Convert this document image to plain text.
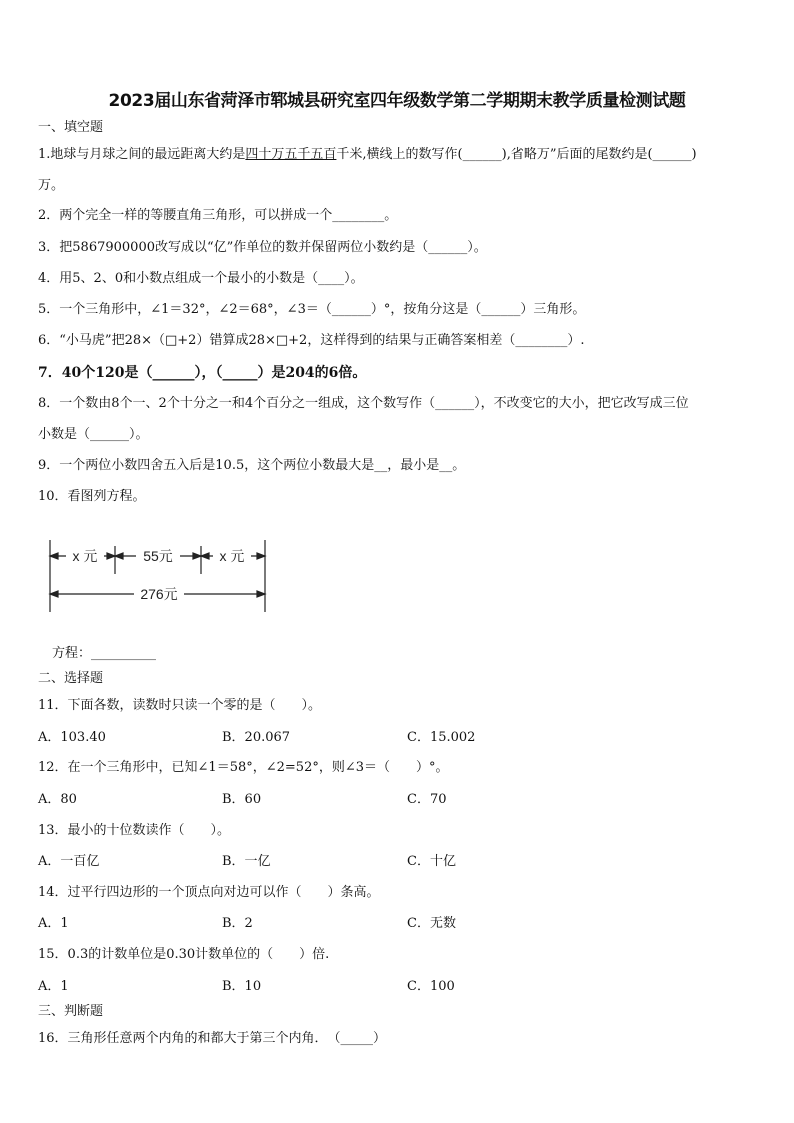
2023届山东省菏泽市郓城县研究室四年级数学第二学期期末教学质量检测试题
一、填空题
1.地球与月球之间的最远距离大约是四十万五千五百千米,横线上的数写作(______),省略万”后面的尾数约是(______)
万。
2．两个完全一样的等腰直角三角形，可以拼成一个________。
3．把5867900000改写成以“亿”作单位的数并保留两位小数约是（______）。
4．用5、2、0和小数点组成一个最小的小数是（____）。
5．一个三角形中，∠1＝32°，∠2＝68°，∠3＝（______）°，按角分这是（______）三角形。
6．“小马虎”把28×（□+2）错算成28×□+2，这样得到的结果与正确答案相差（________）.
7．40个120是（______），（_____）是204的6倍。
8．一个数由8个一、2个十分之一和4个百分之一组成，这个数写作（______），不改变它的大小，把它改写成三位
小数是（______）。
9．一个两位小数四舍五入后是10.5，这个两位小数最大是__，最小是__。
10．看图列方程。
x 元	55元	x 元
276元
方程：__________
二、选择题
11．下面各数，读数时只读一个零的是（　　）。
A．103.40	B．20.067	C．15.002
12．在一个三角形中，已知∠1＝58°，∠2=52°，则∠3＝（　　）°。
A．80	B．60	C．70
13．最小的十位数读作（　　）。
A．一百亿	B．一亿	C．十亿
14．过平行四边形的一个顶点向对边可以作（　　）条高。
A．1	B．2	C．无数
15．0.3的计数单位是0.30计数单位的（　　）倍.
A．1	B．10	C．100
三、判断题
16．三角形任意两个内角的和都大于第三个内角．　（_____）
